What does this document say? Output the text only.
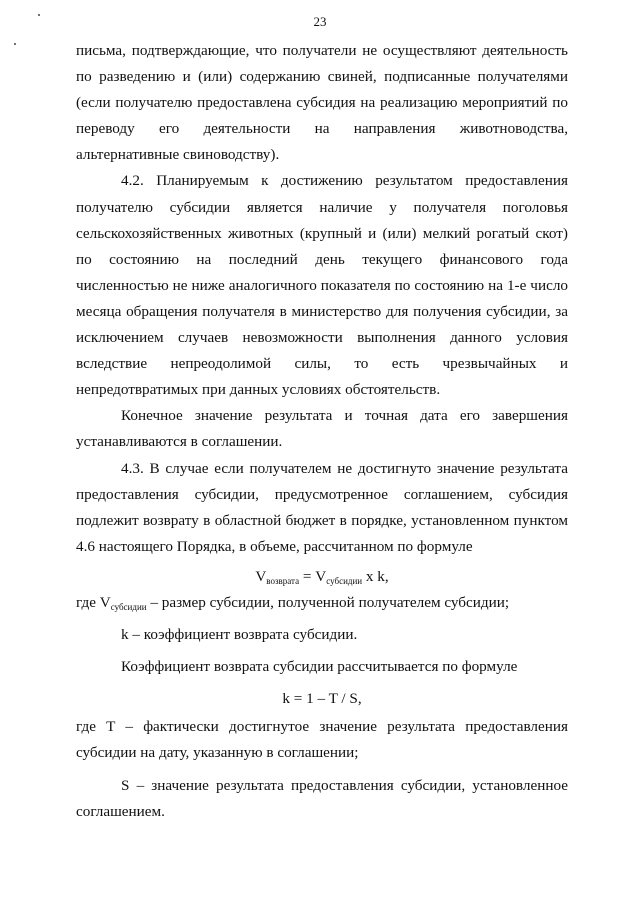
23

письма, подтверждающие, что получатели не осуществляют деятельность по разведению и (или) содержанию свиней, подписанные получателями (если получателю предоставлена субсидия на реализацию мероприятий по переводу его деятельности на направления животноводства, альтернативные свиноводству).

4.2. Планируемым к достижению результатом предоставления получателю субсидии является наличие у получателя поголовья сельскохозяйственных животных (крупный и (или) мелкий рогатый скот) по состоянию на последний день текущего финансового года численностью не ниже аналогичного показателя по состоянию на 1-е число месяца обращения получателя в министерство для получения субсидии, за исключением случаев невозможности выполнения данного условия вследствие непреодолимой силы, то есть чрезвычайных и непредотвратимых при данных условиях обстоятельств.

Конечное значение результата и точная дата его завершения устанавливаются в соглашении.

4.3. В случае если получателем не достигнуто значение результата предоставления субсидии, предусмотренное соглашением, субсидия подлежит возврату в областной бюджет в порядке, установленном пунктом 4.6 настоящего Порядка, в объеме, рассчитанном по формуле

$V_{возврата} = V_{субсидии}$ x k,

где $V_{субсидии}$ – размер субсидии, полученной получателем субсидии;

k – коэффициент возврата субсидии.

Коэффициент возврата субсидии рассчитывается по формуле

k = 1 – T / S,

где T – фактически достигнутое значение результата предоставления субсидии на дату, указанную в соглашении;

S – значение результата предоставления субсидии, установленное соглашением.
